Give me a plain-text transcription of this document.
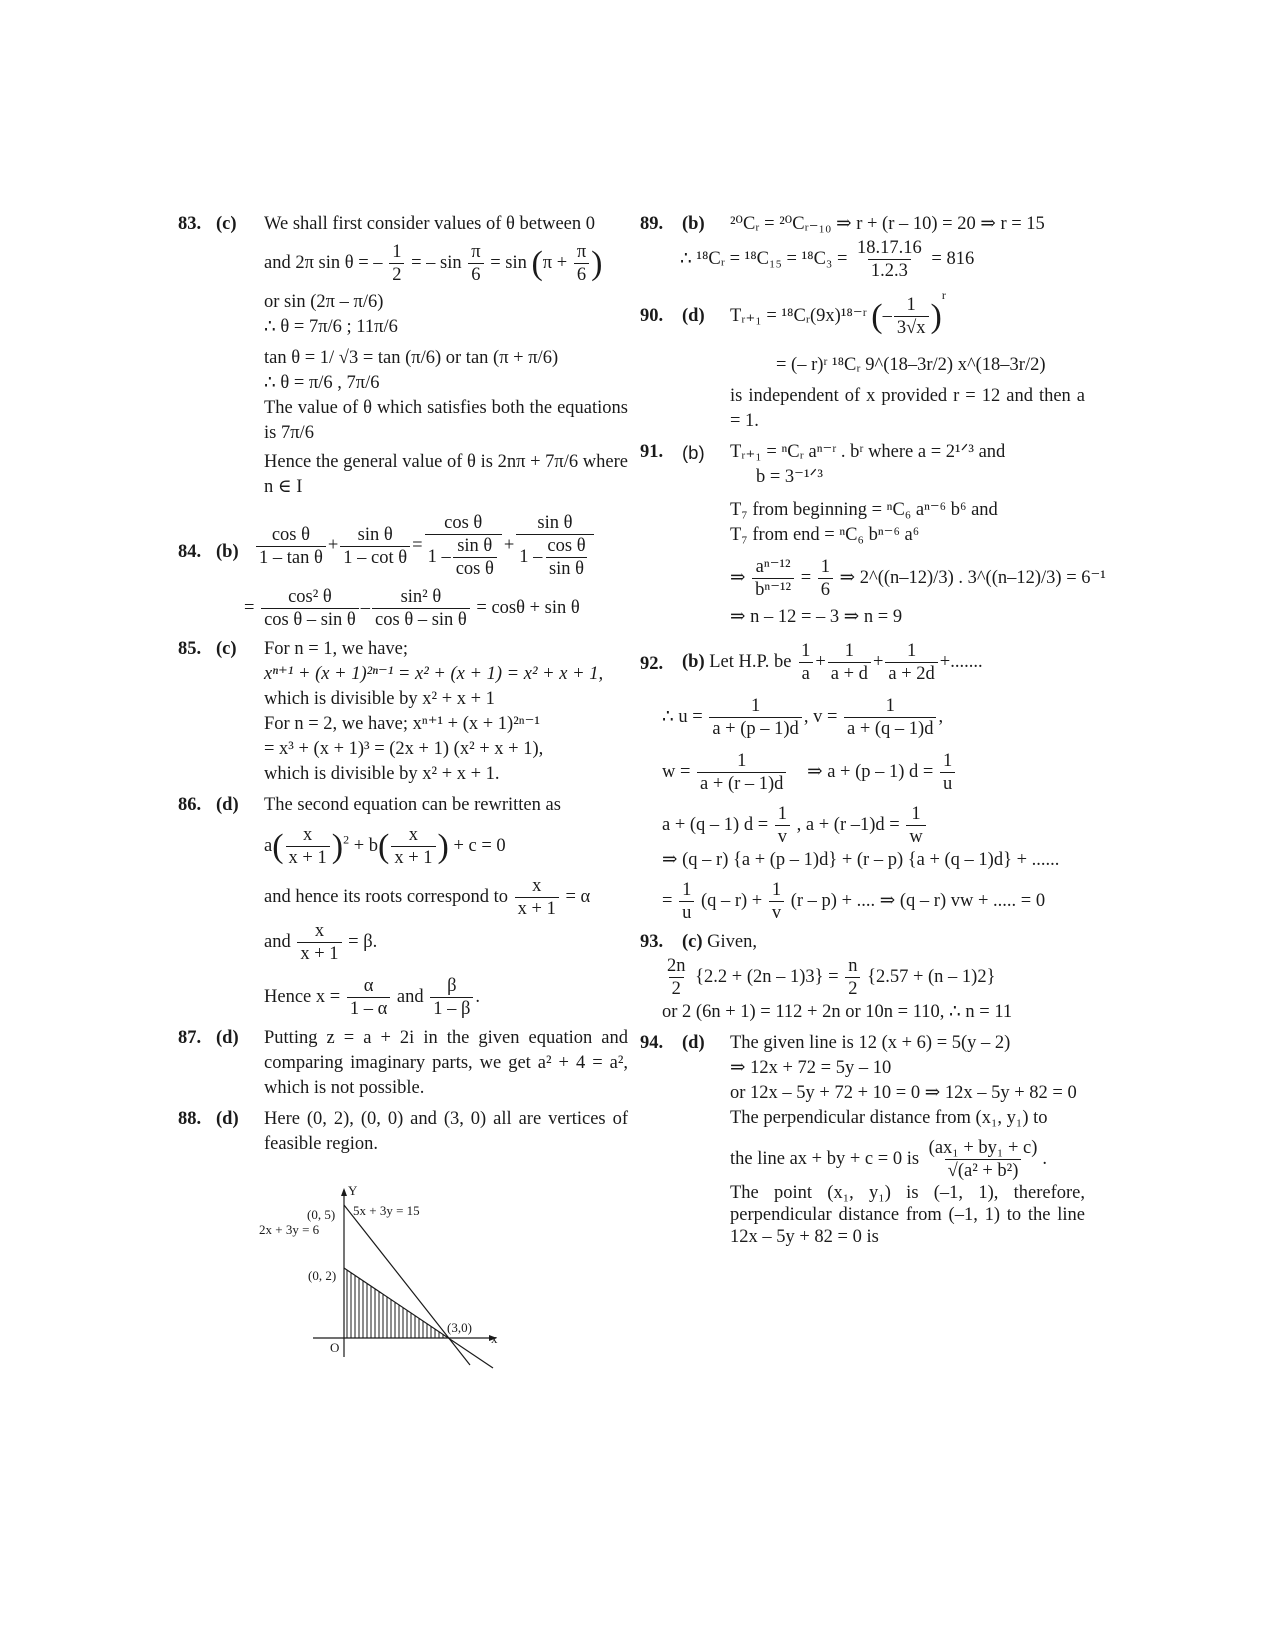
83. (c) We shall first consider values of θ between 0
and 2π sin θ = – $\frac{1}{2}$ = – $\sin \frac{\pi}{6} = \sin (\pi + \frac{\pi}{6}$ )
or sin (2π – π/6)
∴ θ = 7π/6 ; 11π/6
tan θ = 1/ √3 = tan (π/6) or tan (π + π/6)
∴ θ = π/6 , 7π/6
The value of θ which satisfies both the equations is 7π/6
Hence the general value of θ is 2nπ + 7π/6 where n ∈ I
84. $(b) \frac{\text{cos θ}}{\text{1 – tan θ}} + \frac{\text{sin θ}}{\text{1 – cot θ}} = \frac{\text{cos θ}}{1 - \frac{\text{sin θ}}{\text{cos θ}}} + \frac{\text{sin θ}}{1 - \frac{\text{cos θ}}{\text{sin θ}}}$
= $\frac{\text{cos² θ}}{\text{cos θ – sin θ}} - \frac{\text{sin² θ}}{\text{cos θ – sin θ}} = \cos\theta + \sin \theta$
85. (c) For n = 1, we have;
xⁿ⁺¹ + (x + 1)²ⁿ⁻¹ = x² + (x + 1) = x² + x + 1,
which is divisible by x² + x + 1
For n = 2, we have; xⁿ⁺¹ + (x + 1)²ⁿ⁻¹
= x³ + (x + 1)³ = (2x + 1) (x² + x + 1),
which is divisible by x² + x + 1.
86. (d) The second equation can be rewritten as
$a( \frac{x}{x + 1} )^2 + b( \frac{x}{x + 1}$ ) + c = 0
and hence its roots correspond to $\frac{x}{x + 1} = \alpha$
and $\frac{x}{x + 1} = \beta$.
Hence $x = \frac{\alpha}{1 - \alpha}$ and $\frac{\beta}{1 - \beta}$ .
87. (d) Putting z = a + 2i in the given equation and comparing imaginary parts, we get a² + 4 = a², which is not possible.
88. (d) Here (0, 2), (0, 0) and (3, 0) all are vertices of feasible region.
Y
x
O
(0, 5) 5x + 3y = 15
2x + 3y = 6
(0, 2)
(3,0)
89. (b) ²⁰Cᵣ = ²⁰Cᵣ₋₁₀ ⇒ r + (r – 10) = 20 ⇒ r = 15
∴ ¹⁸Cᵣ = $^{18}C_{15} = ^{18}C_3 = \frac{18.17.16}{1.2.3} = 816$
90. (d) Tᵣ₊₁ = ¹⁸Cᵣ(9x)¹⁸⁻ʳ (– $\frac{1}{3√x} )^r$
= (– r)ʳ ¹⁸Cᵣ 9^(18–3r/2) x^(18–3r/2)
is independent of x provided r = 12 and then a = 1.
91. (b) Tᵣ₊₁ = ⁿCᵣ aⁿ⁻ʳ . bʳ where a = 2¹ᐟ³ and
b = 3⁻¹ᐟ³
T₇ from beginning = ⁿC₆ aⁿ⁻⁶ b⁶ and
T₇ from end = ⁿC₆ bⁿ⁻⁶ a⁶
⇒ $\frac{\text{aⁿ⁻¹²}}{\text{bⁿ⁻¹²}} = \frac{1}{6}$ ⇒ 2^((n–12)/3) . 3^((n–12)/3) = 6⁻¹
⇒ n – 12 = – 3 ⇒ n = 9
92.	(b) Let H.P. be $\frac{1}{a} + \frac{1}{a + d} + \frac{1}{a + 2d}$ +.......
∴ $u = \frac{1}{a + (p - 1)d}$ , $v = \frac{1}{a + (q - 1)d}$ ,
$w = \frac{1}{a + (r - 1)d}$ ⇒ a + (p – 1) $d = \frac{1}{u}$
a + (q – 1) $d = \frac{1}{v}$ , a + (r $-1)d = \frac{1}{w}$
⇒ (q – r) {a + (p – 1)d} + (r – p) {a + (q – 1)d} + ......
= $\frac{1}{u} (q - r) + \frac{1}{v} (r - p)$ + .... ⇒ (q – r) vw + ..... = 0
93.	(c) Given,
$\frac{2n}{2} \{2.2 + (2n - 1)3\} = \frac{n}{2} \{2.57 + (n - 1)2\}$
or 2 (6n + 1) = 112 + 2n or 10n = 110, ∴ n = 11
94. (d) The given line is 12 (x + 6) = 5(y – 2)
⇒ 12x + 72 = 5y – 10
or 12x – 5y + 72 + 10 = 0 ⇒ 12x – 5y + 82 = 0
The perpendicular distance from (x₁, y₁) to
the line ax + by + c = 0 is $\frac{\text{(ax₁ + by₁ + c)}}{\text{√(a² + b²)}}$ .
The point (x₁, y₁) is (–1, 1), therefore, perpendicular distance from (–1, 1) to the line 12x – 5y + 82 = 0 is
